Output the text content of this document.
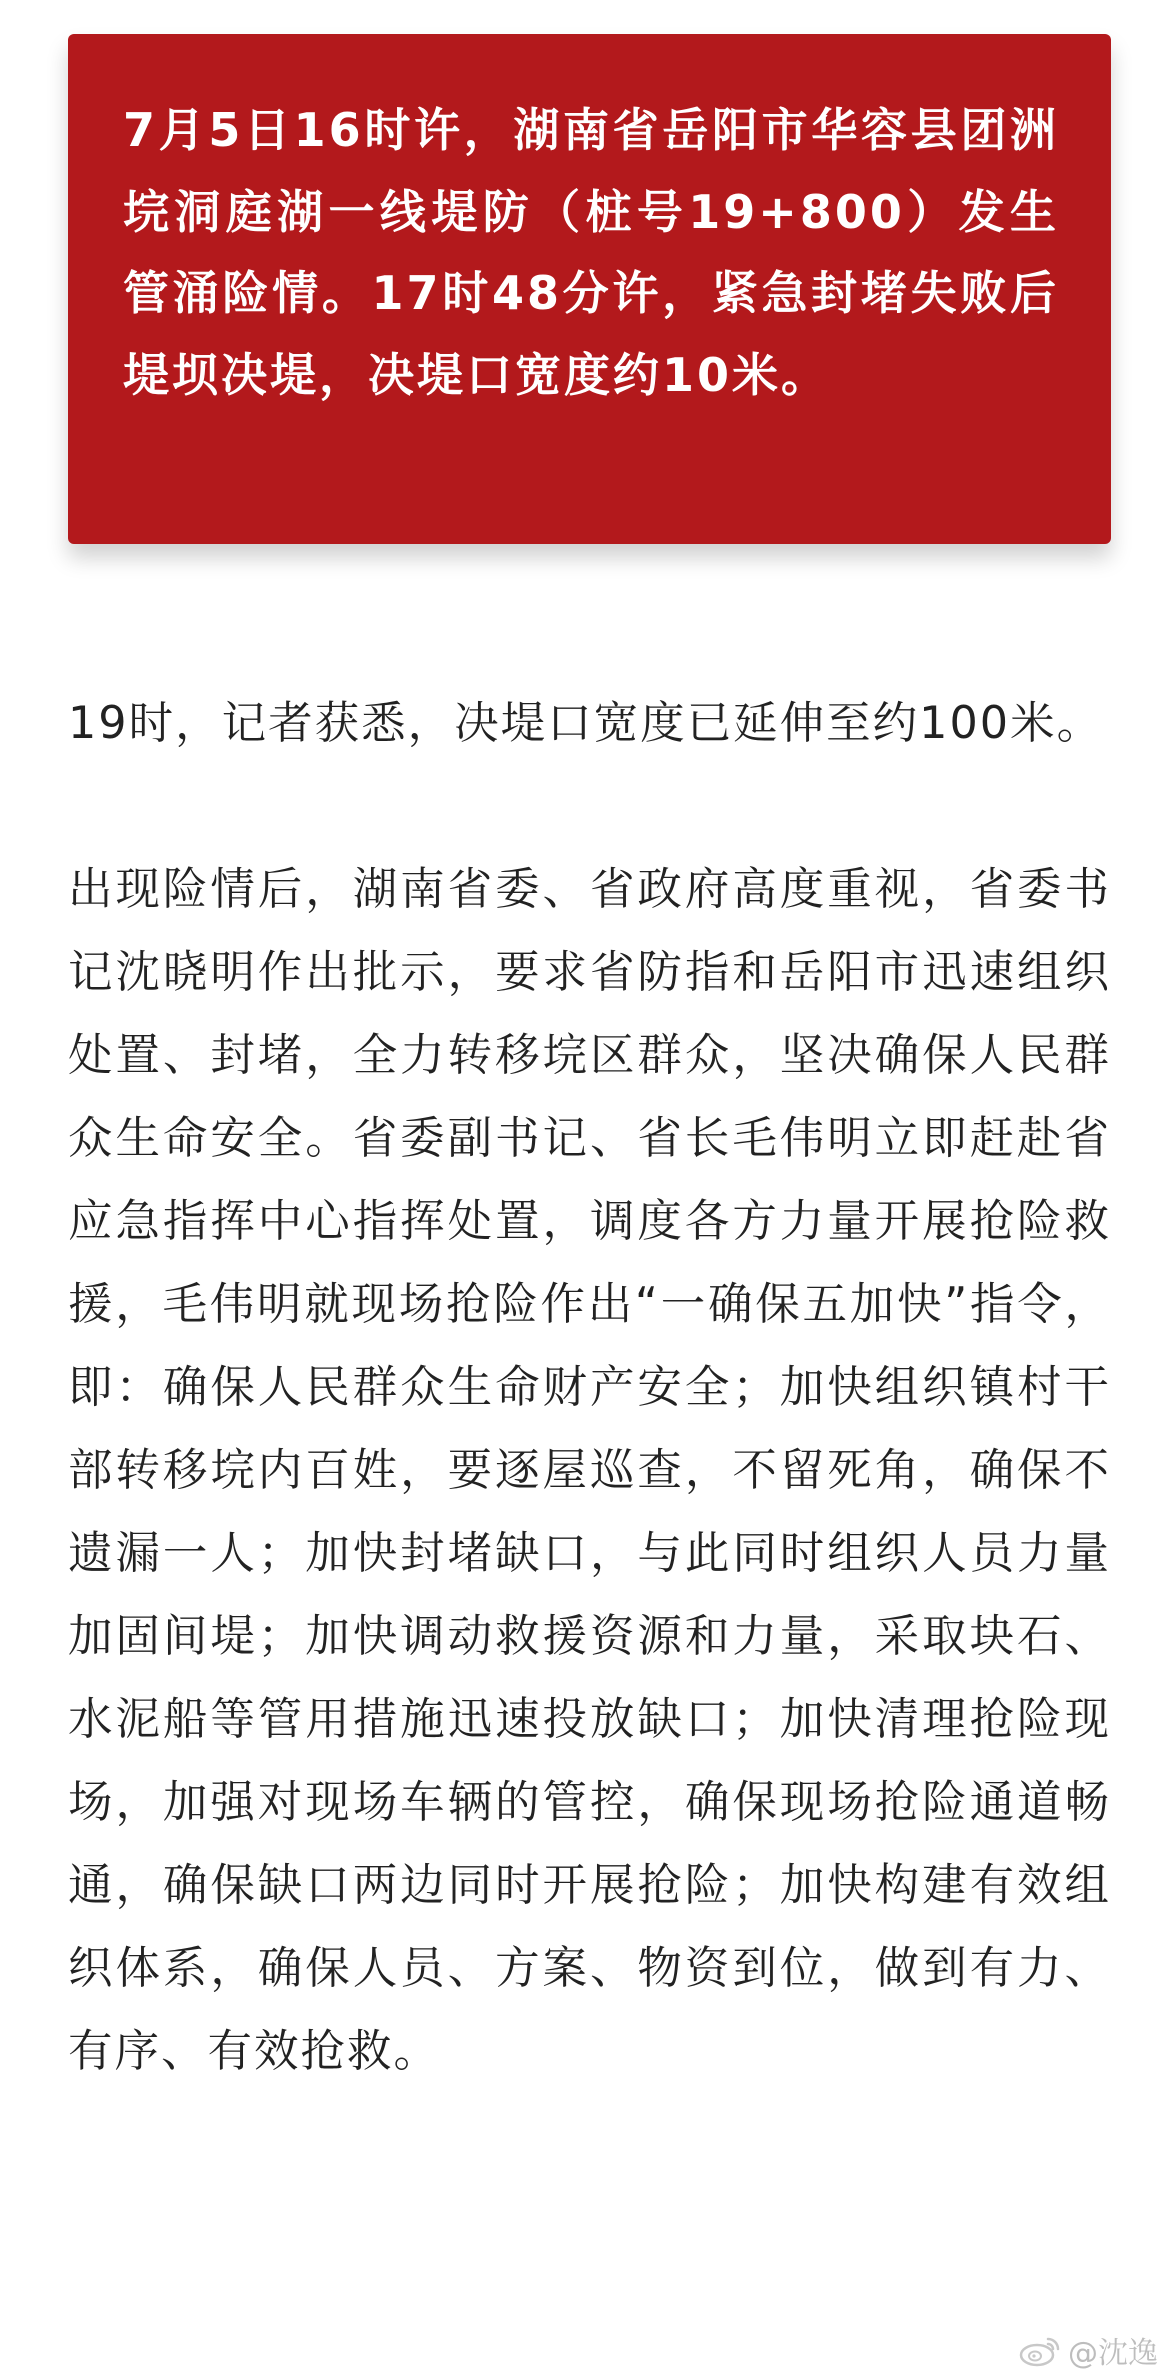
7月5日16时许，湖南省岳阳市华容县团洲垸洞庭湖一线堤防（桩号19+800）发生管涌险情。17时48分许，紧急封堵失败后堤坝决堤，决堤口宽度约10米。

19时，记者获悉，决堤口宽度已延伸至约100米。

出现险情后，湖南省委、省政府高度重视，省委书记沈晓明作出批示，要求省防指和岳阳市迅速组织处置、封堵，全力转移垸区群众，坚决确保人民群众生命安全。省委副书记、省长毛伟明立即赶赴省应急指挥中心指挥处置，调度各方力量开展抢险救援，毛伟明就现场抢险作出“一确保五加快”指令，即：确保人民群众生命财产安全；加快组织镇村干部转移垸内百姓，要逐屋巡查，不留死角，确保不遗漏一人；加快封堵缺口，与此同时组织人员力量加固间堤；加快调动救援资源和力量，采取块石、水泥船等管用措施迅速投放缺口；加快清理抢险现场，加强对现场车辆的管控，确保现场抢险通道畅通，确保缺口两边同时开展抢险；加快构建有效组织体系，确保人员、方案、物资到位，做到有力、有序、有效抢救。

@沈逸
